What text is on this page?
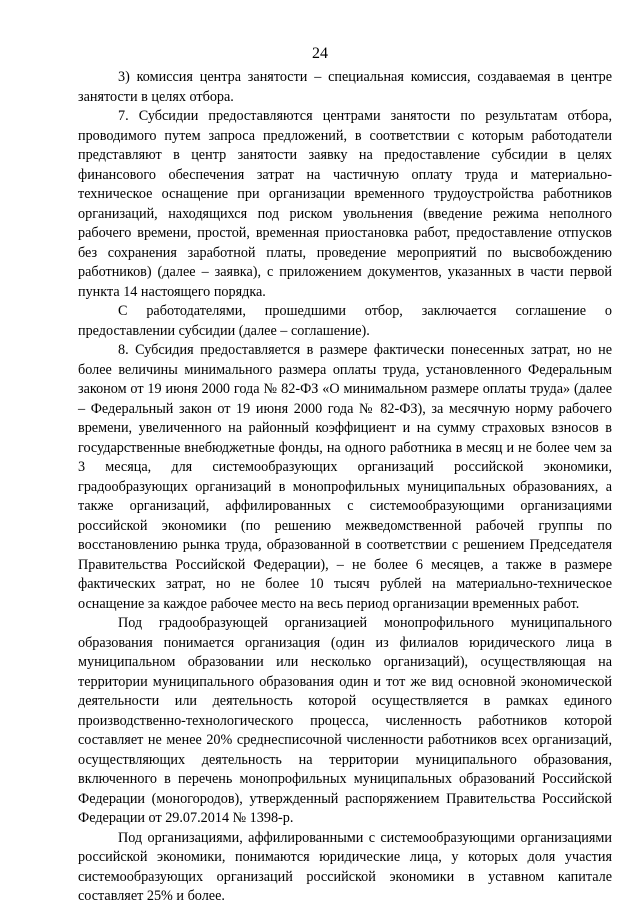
24

3) комиссия центра занятости – специальная комиссия, создаваемая в центре занятости в целях отбора.

7. Субсидии предоставляются центрами занятости по результатам отбора, проводимого путем запроса предложений, в соответствии с которым работодатели представляют в центр занятости заявку на предоставление субсидии в целях финансового обеспечения затрат на частичную оплату труда и материально-техническое оснащение при организации временного трудоустройства работников организаций, находящихся под риском увольнения (введение режима неполного рабочего времени, простой, временная приостановка работ, предоставление отпусков без сохранения заработной платы, проведение мероприятий по высвобождению работников) (далее – заявка), с приложением документов, указанных в части первой пункта 14 настоящего порядка.

С работодателями, прошедшими отбор, заключается соглашение о предоставлении субсидии (далее – соглашение).

8. Субсидия предоставляется в размере фактически понесенных затрат, но не более величины минимального размера оплаты труда, установленного Федеральным законом от 19 июня 2000 года № 82-ФЗ «О минимальном размере оплаты труда» (далее – Федеральный закон от 19 июня 2000 года № 82-ФЗ), за месячную норму рабочего времени, увеличенного на районный коэффициент и на сумму страховых взносов в государственные внебюджетные фонды, на одного работника в месяц и не более чем за 3 месяца, для системообразующих организаций российской экономики, градообразующих организаций в монопрофильных муниципальных образованиях, а также организаций, аффилированных с системообразующими организациями российской экономики (по решению межведомственной рабочей группы по восстановлению рынка труда, образованной в соответствии с решением Председателя Правительства Российской Федерации), – не более 6 месяцев, а также в размере фактических затрат, но не более 10 тысяч рублей на материально-техническое оснащение за каждое рабочее место на весь период организации временных работ.

Под градообразующей организацией монопрофильного муниципального образования понимается организация (один из филиалов юридического лица в муниципальном образовании или несколько организаций), осуществляющая на территории муниципального образования один и тот же вид основной экономической деятельности или деятельность которой осуществляется в рамках единого производственно-технологического процесса, численность работников которой составляет не менее 20% среднесписочной численности работников всех организаций, осуществляющих деятельность на территории муниципального образования, включенного в перечень монопрофильных муниципальных образований Российской Федерации (моногородов), утвержденный распоряжением Правительства Российской Федерации от 29.07.2014 № 1398-р.

Под организациями, аффилированными с системообразующими организациями российской экономики, понимаются юридические лица, у которых доля участия системообразующих организаций российской экономики в уставном капитале составляет 25% и более.
